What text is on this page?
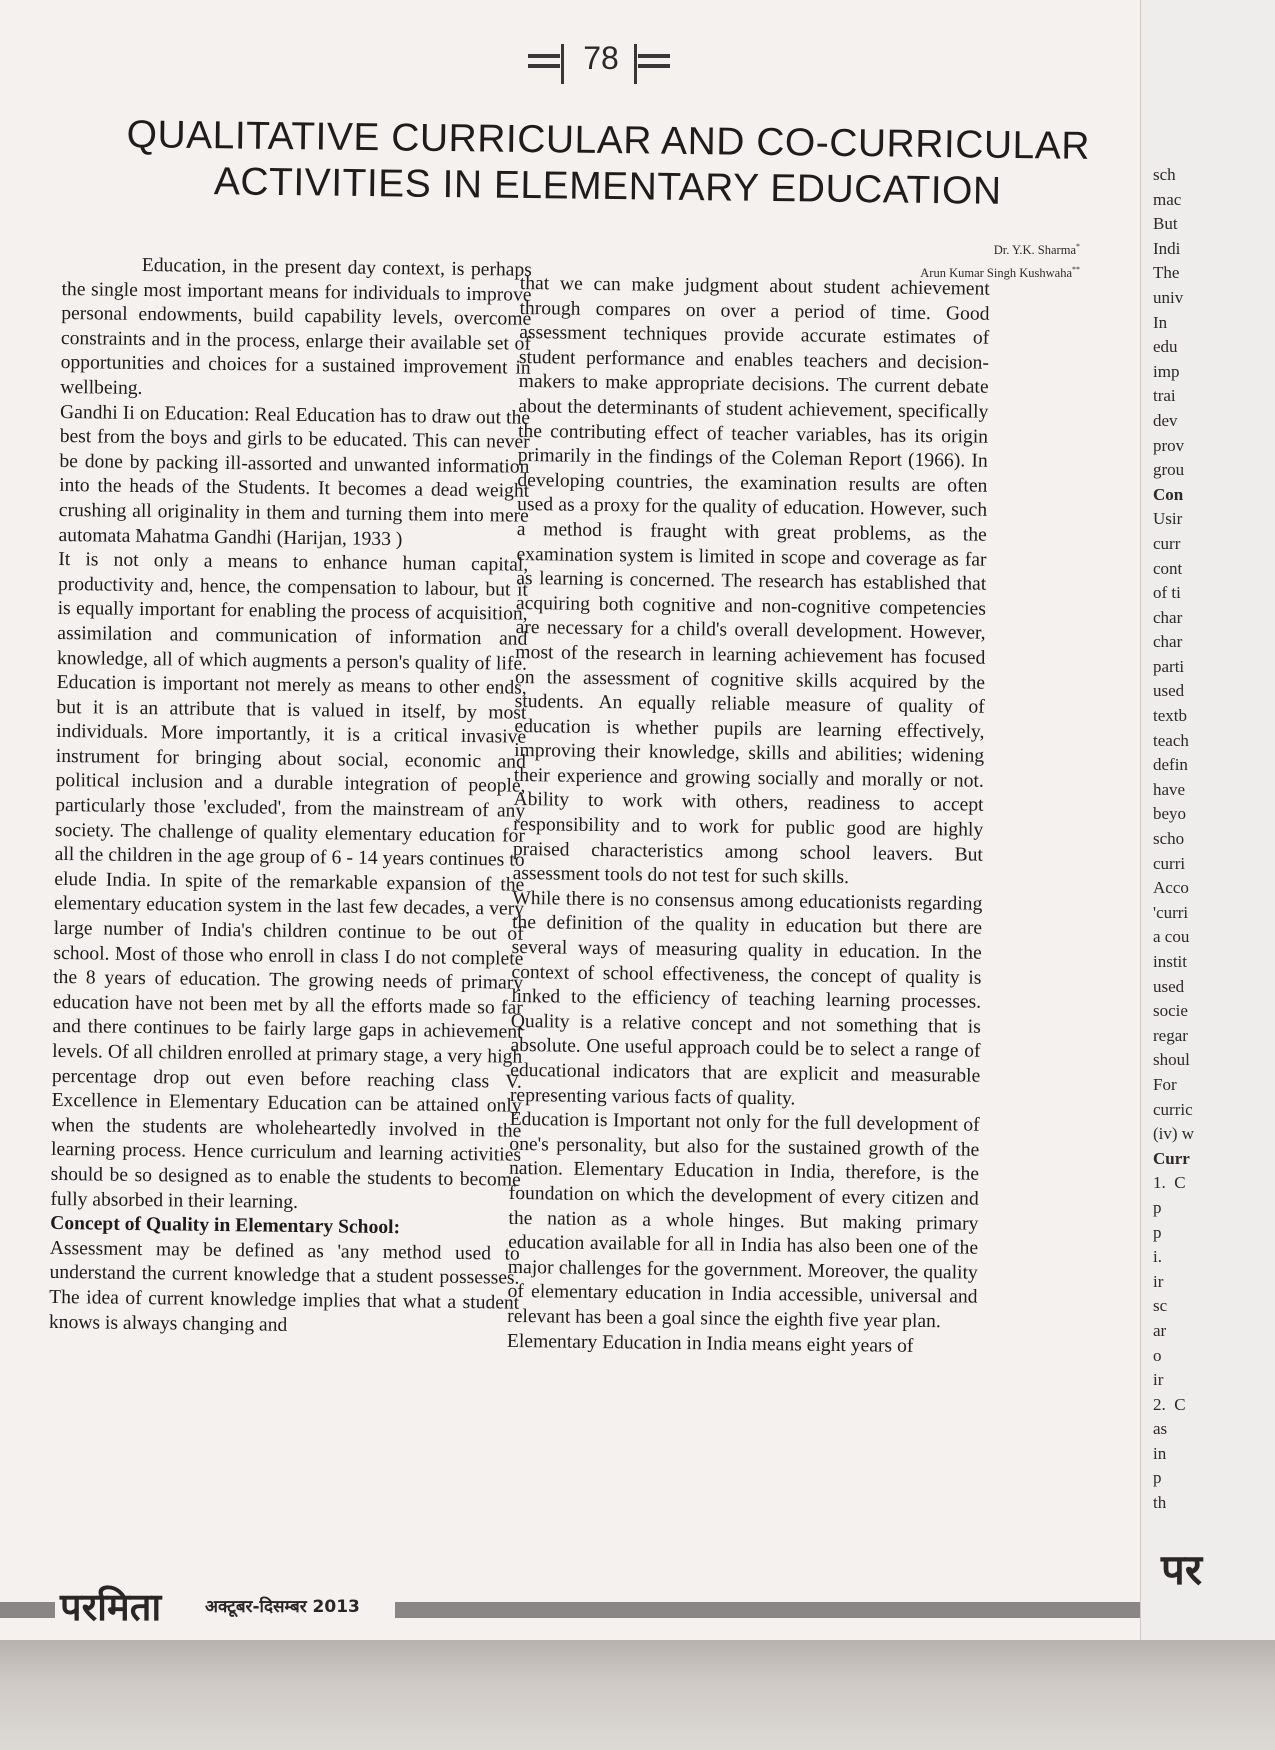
78
QUALITATIVE CURRICULAR AND CO-CURRICULAR
ACTIVITIES IN ELEMENTARY EDUCATION
Dr. Y.K. Sharma*
Arun Kumar Singh Kushwaha**

Education, in the present day context, is perhaps the single most important means for individuals to improve personal endowments, build capability levels, overcome constraints and in the process, enlarge their available set of opportunities and choices for a sustained improvement in wellbeing.

Gandhi Ii on Education: Real Education has to draw out the best from the boys and girls to be educated. This can never be done by packing ill-assorted and unwanted information into the heads of the Students. It becomes a dead weight crushing all originality in them and turning them into mere automata Mahatma Gandhi (Harijan, 1933 )

It is not only a means to enhance human capital, productivity and, hence, the compensation to labour, but it is equally important for enabling the process of acquisition, assimilation and communication of information and knowledge, all of which augments a person's quality of life. Education is important not merely as means to other ends, but it is an attribute that is valued in itself, by most individuals. More importantly, it is a critical invasive instrument for bringing about social, economic and political inclusion and a durable integration of people, particularly those 'excluded', from the mainstream of any society. The challenge of quality elementary education for all the children in the age group of 6 - 14 years continues to elude India. In spite of the remarkable expansion of the elementary education system in the last few decades, a very large number of India's children continue to be out of school. Most of those who enroll in class I do not complete the 8 years of education. The growing needs of primary education have not been met by all the efforts made so far and there continues to be fairly large gaps in achievement levels. Of all children enrolled at primary stage, a very high percentage drop out even before reaching class V. Excellence in Elementary Education can be attained only when the students are wholeheartedly involved in the learning process. Hence curriculum and learning activities should be so designed as to enable the students to become fully absorbed in their learning.

Concept of Quality in Elementary School:

Assessment may be defined as 'any method used to understand the current knowledge that a student possesses. The idea of current knowledge implies that what a student knows is always changing and

that we can make judgment about student achievement through compares on over a period of time. Good assessment techniques provide accurate estimates of student performance and enables teachers and decision-makers to make appropriate decisions. The current debate about the determinants of student achievement, specifically the contributing effect of teacher variables, has its origin primarily in the findings of the Coleman Report (1966). In developing countries, the examination results are often used as a proxy for the quality of education. However, such a method is fraught with great problems, as the examination system is limited in scope and coverage as far as learning is concerned. The research has established that acquiring both cognitive and non-cognitive competencies are necessary for a child's overall development. However, most of the research in learning achievement has focused on the assessment of cognitive skills acquired by the students. An equally reliable measure of quality of education is whether pupils are learning effectively, improving their knowledge, skills and abilities; widening their experience and growing socially and morally or not. Ability to work with others, readiness to accept responsibility and to work for public good are highly praised characteristics among school leavers. But assessment tools do not test for such skills.

While there is no consensus among educationists regarding the definition of the quality in education but there are several ways of measuring quality in education. In the context of school effectiveness, the concept of quality is linked to the efficiency of teaching learning processes. Quality is a relative concept and not something that is absolute. One useful approach could be to select a range of educational indicators that are explicit and measurable representing various facts of quality.

Education is Important not only for the full development of one's personality, but also for the sustained growth of the nation. Elementary Education in India, therefore, is the foundation on which the development of every citizen and the nation as a whole hinges. But making primary education available for all in India has also been one of the major challenges for the government. Moreover, the quality of elementary education in India accessible, universal and relevant has been a goal since the eighth five year plan.

Elementary Education in India means eight years of

परमिता	अक्टूबर-दिसम्बर 2013
sch
mac
But
Indi
The
univ
In
edu
imp
trai
dev
prov
grou
Con
Usir
curr
cont
of ti
char
char
parti
used
textb
teach
defin
have
beyo
scho
curri
Acco
'curri
a cou
instit
used
socie
regar
shoul
For
curric
(iv) w
Curr
1.  C
p
p
i.
ir
sc
ar
o
ir
2.  C
as
in
p
th
पर
